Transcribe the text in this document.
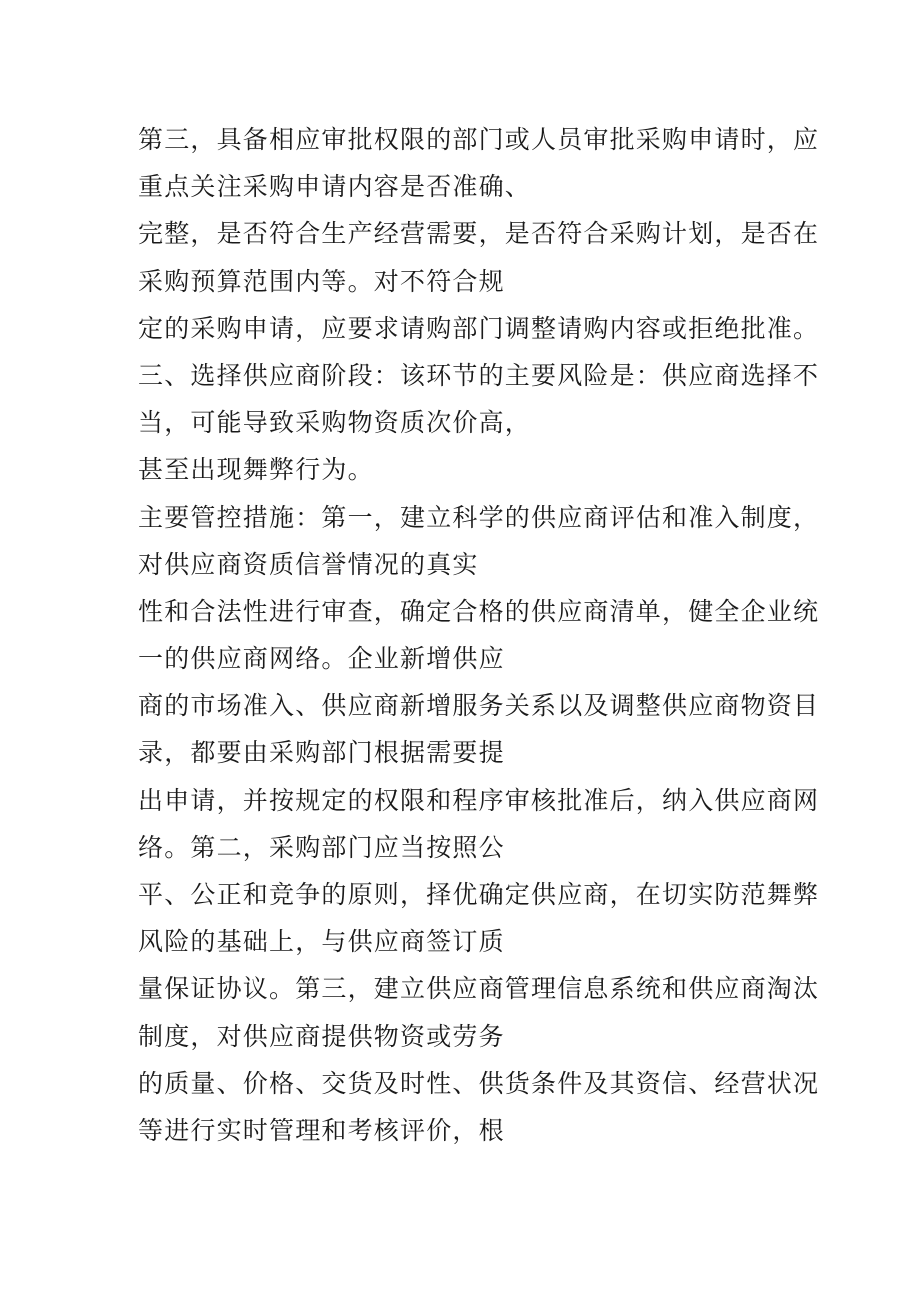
第三，具备相应审批权限的部门或人员审批采购申请时，应
重点关注采购申请内容是否准确、
完整，是否符合生产经营需要，是否符合采购计划，是否在
采购预算范围内等。对不符合规
定的采购申请，应要求请购部门调整请购内容或拒绝批准。
三、选择供应商阶段：该环节的主要风险是：供应商选择不
当，可能导致采购物资质次价高，
甚至出现舞弊行为。
主要管控措施：第一，建立科学的供应商评估和准入制度，
对供应商资质信誉情况的真实
性和合法性进行审查，确定合格的供应商清单，健全企业统
一的供应商网络。企业新增供应
商的市场准入、供应商新增服务关系以及调整供应商物资目
录，都要由采购部门根据需要提
出申请，并按规定的权限和程序审核批准后，纳入供应商网
络。第二，采购部门应当按照公
平、公正和竞争的原则，择优确定供应商，在切实防范舞弊
风险的基础上，与供应商签订质
量保证协议。第三，建立供应商管理信息系统和供应商淘汰
制度，对供应商提供物资或劳务
的质量、价格、交货及时性、供货条件及其资信、经营状况
等进行实时管理和考核评价，根
